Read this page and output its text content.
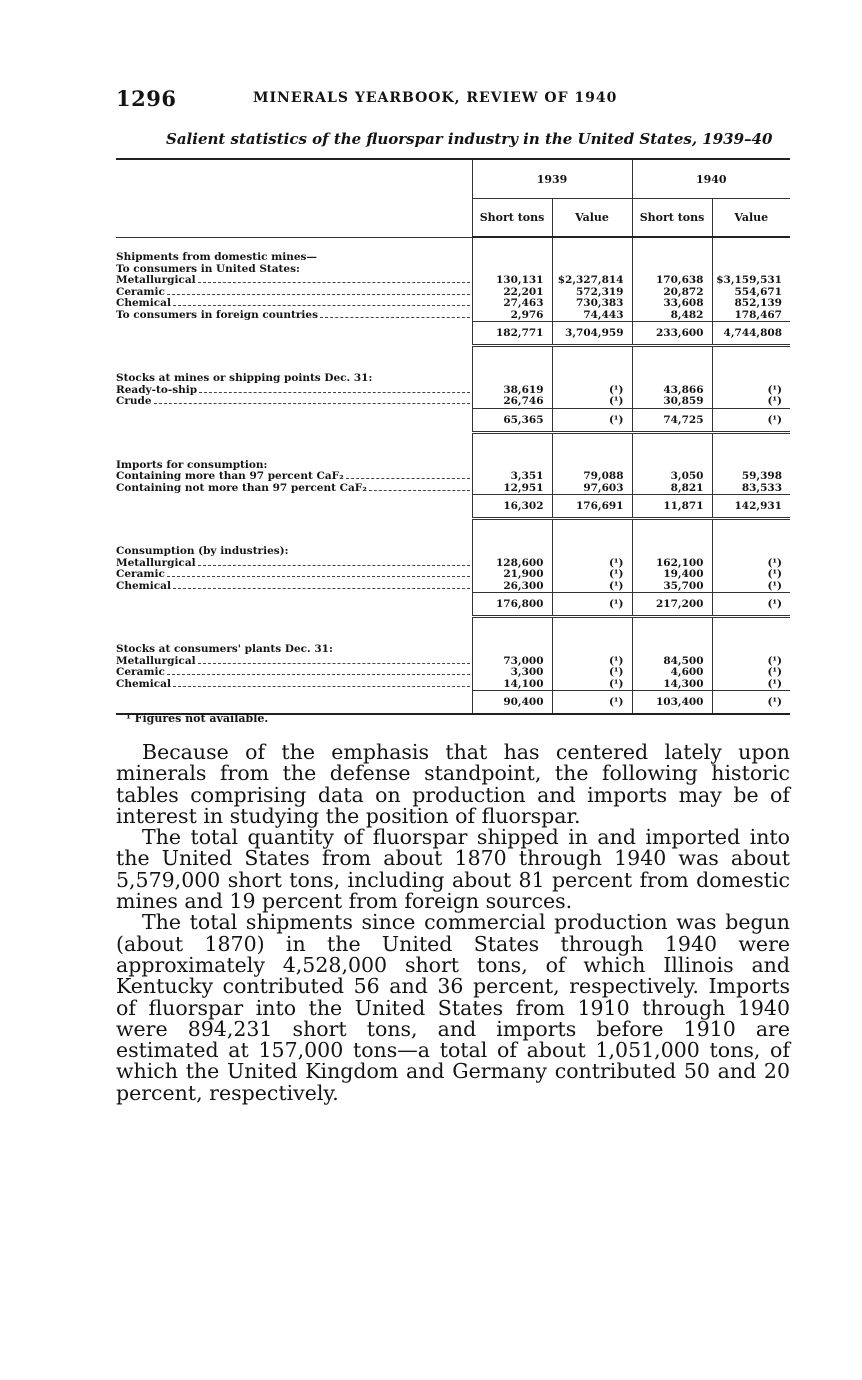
1296	MINERALS YEARBOOK, REVIEW OF 1940
Salient statistics of the fluorspar industry in the United States, 1939–40
	1939		1940	
	Short tons	Value	Short tons	Value

Shipments from domestic mines—				
To consumers in United States:				

Metallurgical	130,131	$2,327,814	170,638	$3,159,531

Ceramic	22,201	572,319	20,872	554,671

Chemical	27,463	730,383	33,608	852,139

To consumers in foreign countries	2,976	74,443	8,482	178,467
	182,771	3,704,959	233,600	4,744,808

Stocks at mines or shipping points Dec. 31:				

Ready-to-ship	38,619	(¹)	43,866	(¹)

Crude	26,746	(¹)	30,859	(¹)
	65,365	(¹)	74,725	(¹)

Imports for consumption:				

Containing more than 97 percent CaF₂	3,351	79,088	3,050	59,398

Containing not more than 97 percent CaF₂	12,951	97,603	8,821	83,533
	16,302	176,691	11,871	142,931

Consumption (by industries):				

Metallurgical	128,600	(¹)	162,100	(¹)

Ceramic	21,900	(¹)	19,400	(¹)

Chemical	26,300	(¹)	35,700	(¹)
	176,800	(¹)	217,200	(¹)

Stocks at consumers' plants Dec. 31:				

Metallurgical	73,000	(¹)	84,500	(¹)

Ceramic	3,300	(¹)	4,600	(¹)

Chemical	14,100	(¹)	14,300	(¹)
	90,400	(¹)	103,400	(¹)
¹ Figures not available.

Because of the emphasis that has centered lately upon minerals from the defense standpoint, the following historic tables comprising data on production and imports may be of interest in studying the position of fluorspar.

The total quantity of fluorspar shipped in and imported into the United States from about 1870 through 1940 was about 5,579,000 short tons, including about 81 percent from domestic mines and 19 percent from foreign sources.

The total shipments since commercial production was begun (about 1870) in the United States through 1940 were approximately 4,528,000 short tons, of which Illinois and Kentucky contributed 56 and 36 percent, respectively. Imports of fluorspar into the United States from 1910 through 1940 were 894,231 short tons, and imports before 1910 are estimated at 157,000 tons—a total of about 1,051,000 tons, of which the United Kingdom and Germany contributed 50 and 20 percent, respectively.
